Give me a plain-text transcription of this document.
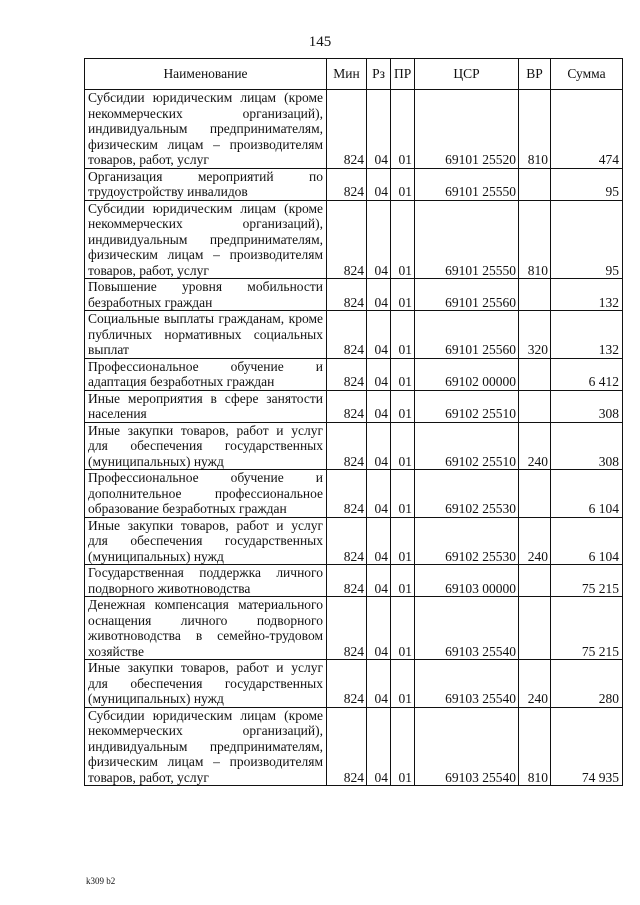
145
Наименование	Мин	Рз	ПР	ЦСР	ВР	Сумма
Субсидии юридическим лицам (кроме некоммерческих организаций), индивидуальным предпринимателям, физическим лицам – производителям товаров, работ, услуг	824	04	01	69101 25520	810	474
Организация мероприятий по трудоустройству инвалидов	824	04	01	69101 25550		95
Субсидии юридическим лицам (кроме некоммерческих организаций), индивидуальным предпринимателям, физическим лицам – производителям товаров, работ, услуг	824	04	01	69101 25550	810	95
Повышение уровня мобильности безработных граждан	824	04	01	69101 25560		132
Социальные выплаты гражданам, кроме публичных нормативных социальных выплат	824	04	01	69101 25560	320	132
Профессиональное обучение и адаптация безработных граждан	824	04	01	69102 00000		6 412
Иные мероприятия в сфере занятости населения	824	04	01	69102 25510		308
Иные закупки товаров, работ и услуг для обеспечения государственных (муниципальных) нужд	824	04	01	69102 25510	240	308
Профессиональное обучение и дополнительное профессиональное образование безработных граждан	824	04	01	69102 25530		6 104
Иные закупки товаров, работ и услуг для обеспечения государственных (муниципальных) нужд	824	04	01	69102 25530	240	6 104
Государственная поддержка личного подворного животноводства	824	04	01	69103 00000		75 215
Денежная компенсация материального оснащения личного подворного животноводства в семейно-трудовом хозяйстве	824	04	01	69103 25540		75 215
Иные закупки товаров, работ и услуг для обеспечения государственных (муниципальных) нужд	824	04	01	69103 25540	240	280
Субсидии юридическим лицам (кроме некоммерческих организаций), индивидуальным предпринимателям, физическим лицам – производителям товаров, работ, услуг	824	04	01	69103 25540	810	74 935
k309 b2
